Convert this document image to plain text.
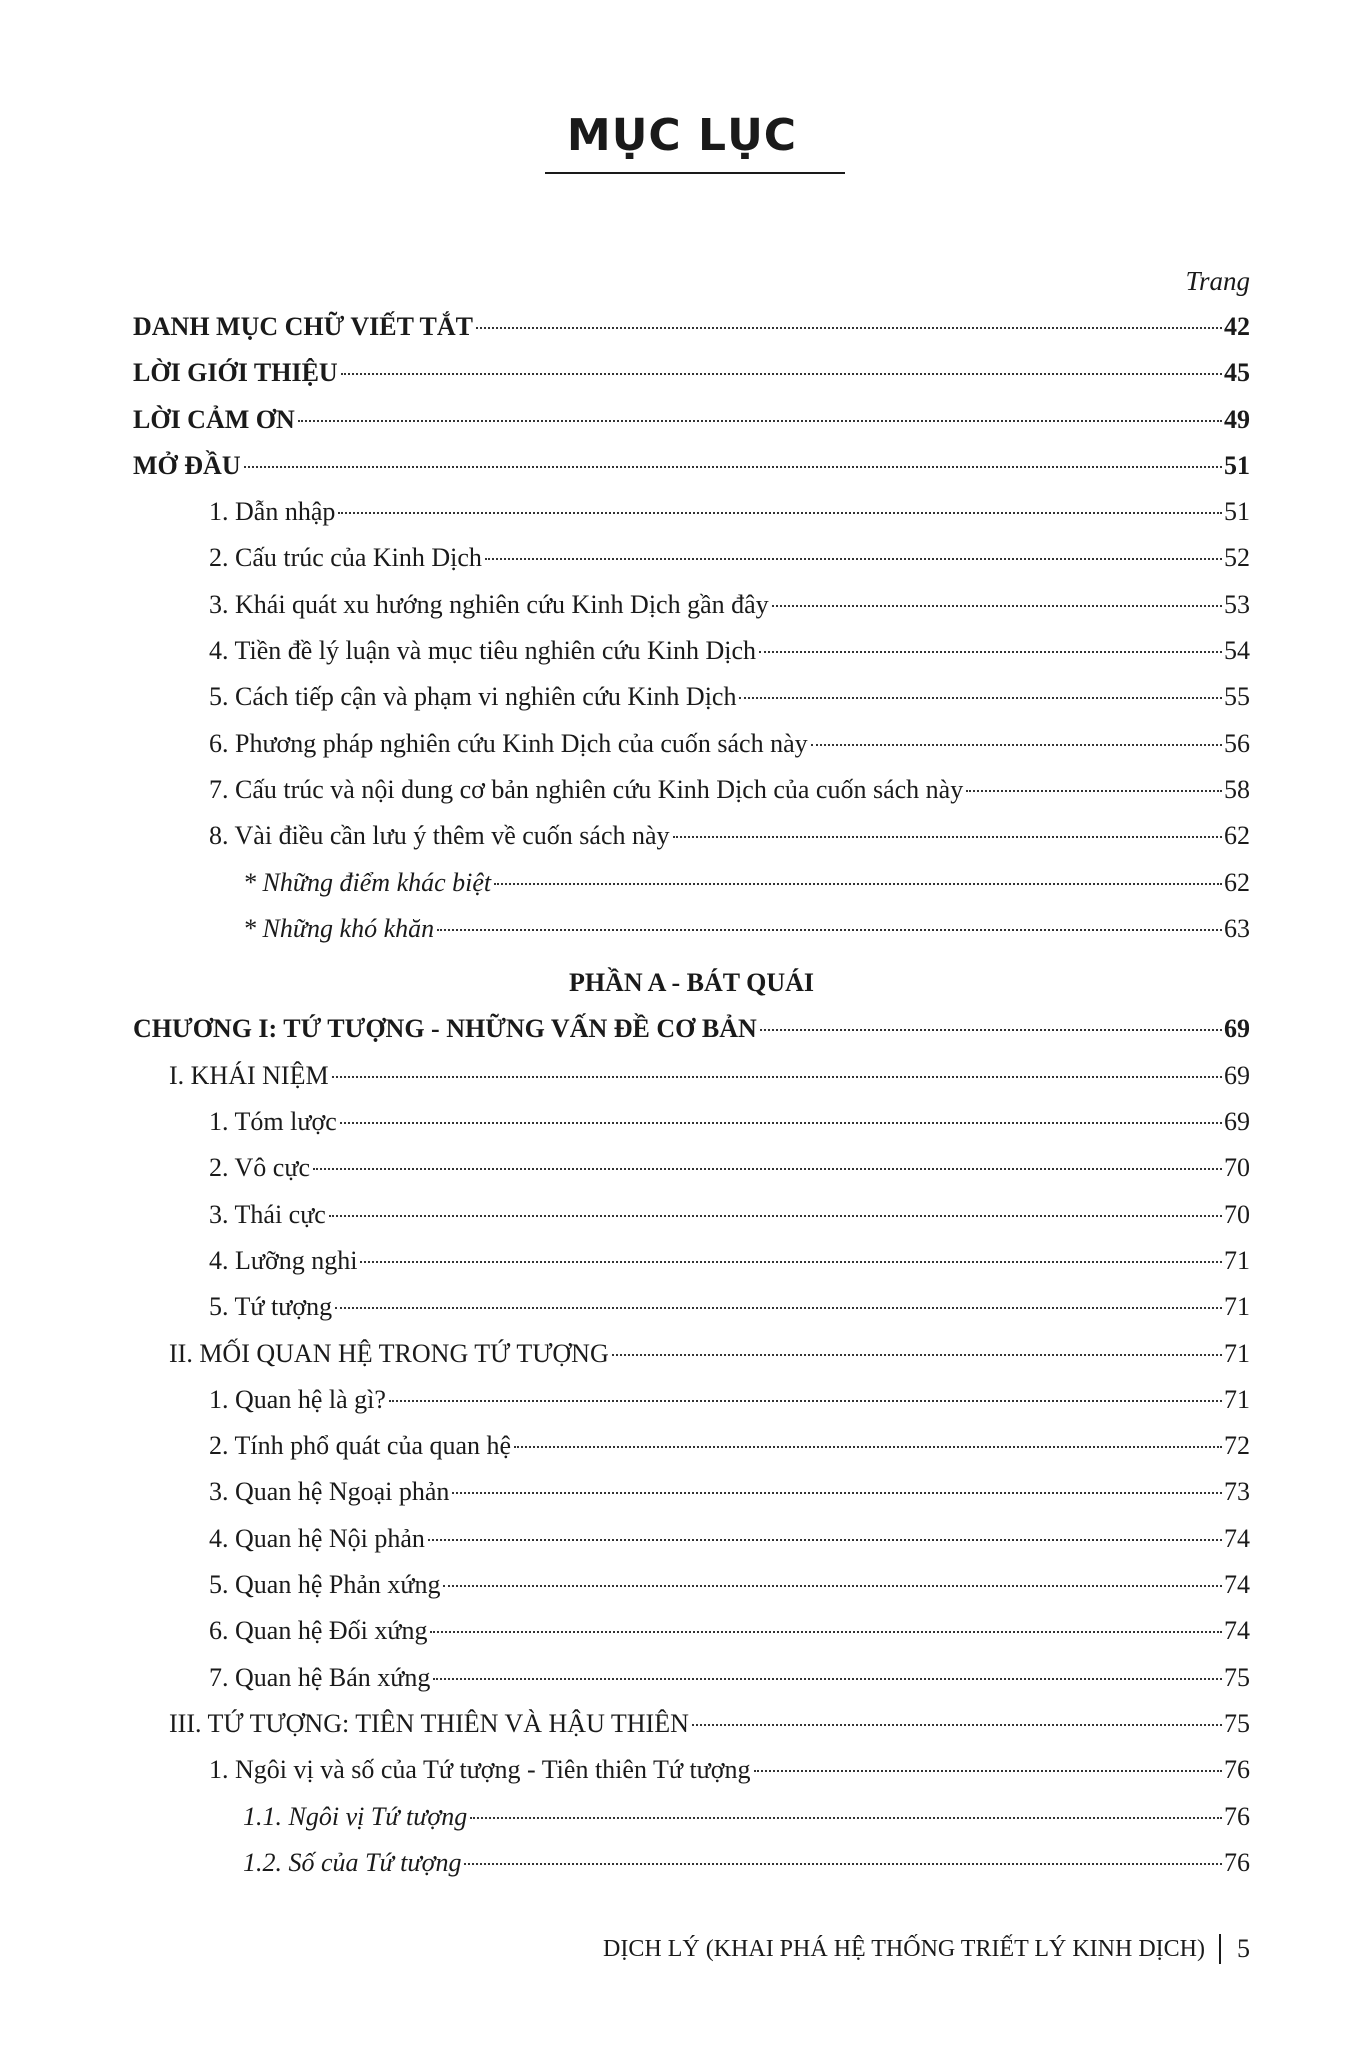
MỤC LỤC
Trang
DANH MỤC CHỮ VIẾT TẮT	42
LỜI GIỚI THIỆU	45
LỜI CẢM ƠN	49
MỞ ĐẦU	51
1. Dẫn nhập	51
2. Cấu trúc của Kinh Dịch	52
3. Khái quát xu hướng nghiên cứu Kinh Dịch gần đây	53
4. Tiền đề lý luận và mục tiêu nghiên cứu Kinh Dịch	54
5. Cách tiếp cận và phạm vi nghiên cứu Kinh Dịch	55
6. Phương pháp nghiên cứu Kinh Dịch của cuốn sách này	56
7. Cấu trúc và nội dung cơ bản nghiên cứu Kinh Dịch của cuốn sách này	58
8. Vài điều cần lưu ý thêm về cuốn sách này	62
* Những điểm khác biệt	62
* Những khó khăn	63
PHẦN A - BÁT QUÁI
CHƯƠNG I: TỨ TƯỢNG - NHỮNG VẤN ĐỀ CƠ BẢN	69
I. KHÁI NIỆM	69
1. Tóm lược	69
2. Vô cực	70
3. Thái cực	70
4. Lưỡng nghi	71
5. Tứ tượng	71
II. MỐI QUAN HỆ TRONG TỨ TƯỢNG	71
1. Quan hệ là gì?	71
2. Tính phổ quát của quan hệ	72
3. Quan hệ Ngoại phản	73
4. Quan hệ Nội phản	74
5. Quan hệ Phản xứng	74
6. Quan hệ Đối xứng	74
7. Quan hệ Bán xứng	75
III. TỨ TƯỢNG: TIÊN THIÊN VÀ HẬU THIÊN	75
1. Ngôi vị và số của Tứ tượng - Tiên thiên Tứ tượng	76
1.1. Ngôi vị Tứ tượng	76
1.2. Số của Tứ tượng	76
DỊCH LÝ (KHAI PHÁ HỆ THỐNG TRIẾT LÝ KINH DỊCH) 5
